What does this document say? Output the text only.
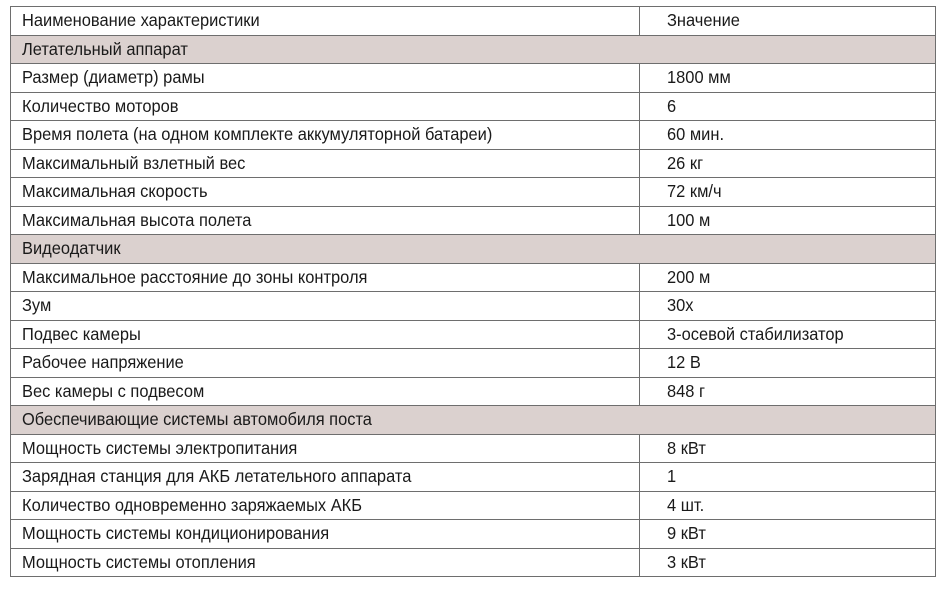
Наименование характеристики	Значение
Летательный аппарат	
Размер (диаметр) рамы	1800 мм
Количество моторов	6
Время полета (на одном комплекте аккумуляторной батареи)	60 мин.
Максимальный взлетный вес	26 кг
Максимальная скорость	72 км/ч
Максимальная высота полета	100 м
Видеодатчик	
Максимальное расстояние до зоны контроля	200 м
Зум	30х
Подвес камеры	3-осевой стабилизатор
Рабочее напряжение	12 В
Вес камеры с подвесом	848 г
Обеспечивающие системы автомобиля поста	
Мощность системы электропитания	8 кВт
Зарядная станция для АКБ летательного аппарата	1
Количество одновременно заряжаемых АКБ	4 шт.
Мощность системы кондиционирования	9 кВт
Мощность системы отопления	3 кВт
